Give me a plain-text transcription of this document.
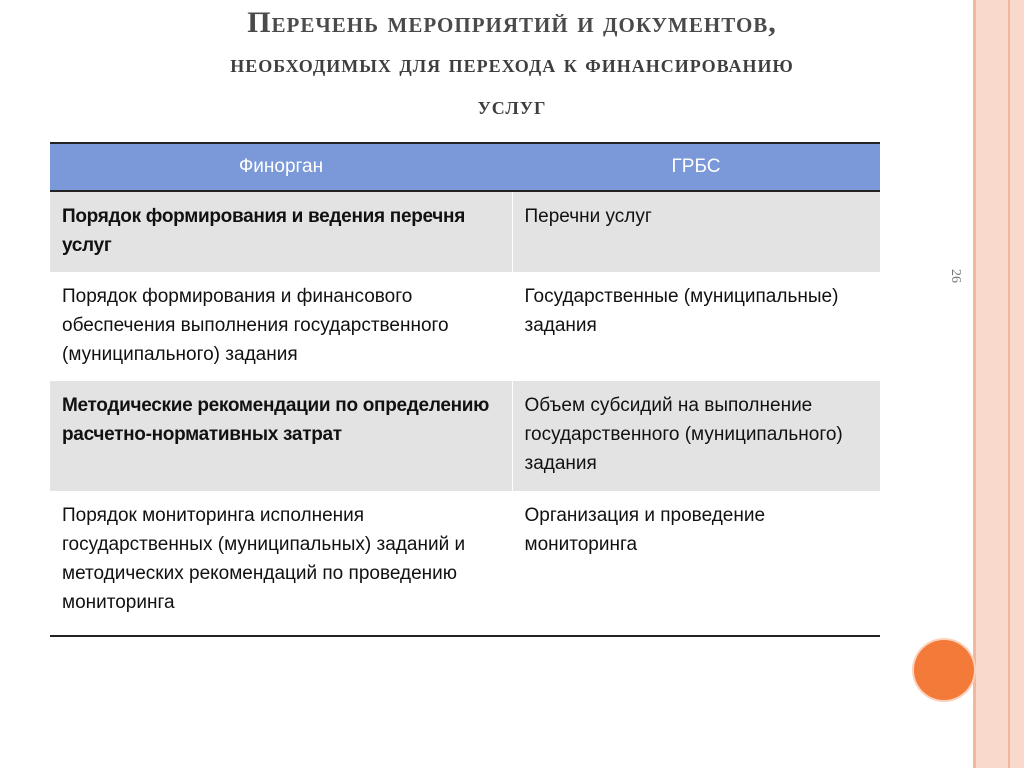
Перечень мероприятий и документов,
необходимых для перехода к финансированию
услуг
26
Финорган	ГРБС
Порядок формирования и ведения перечня услуг	Перечни услуг
Порядок формирования и финансового обеспечения выполнения государственного (муниципального) задания	Государственные (муниципальные) задания
Методические рекомендации по определению расчетно-нормативных затрат	Объем субсидий на выполнение государственного (муниципального) задания
Порядок мониторинга исполнения государственных (муниципальных) заданий и методических рекомендаций по проведению мониторинга	Организация и проведение мониторинга
